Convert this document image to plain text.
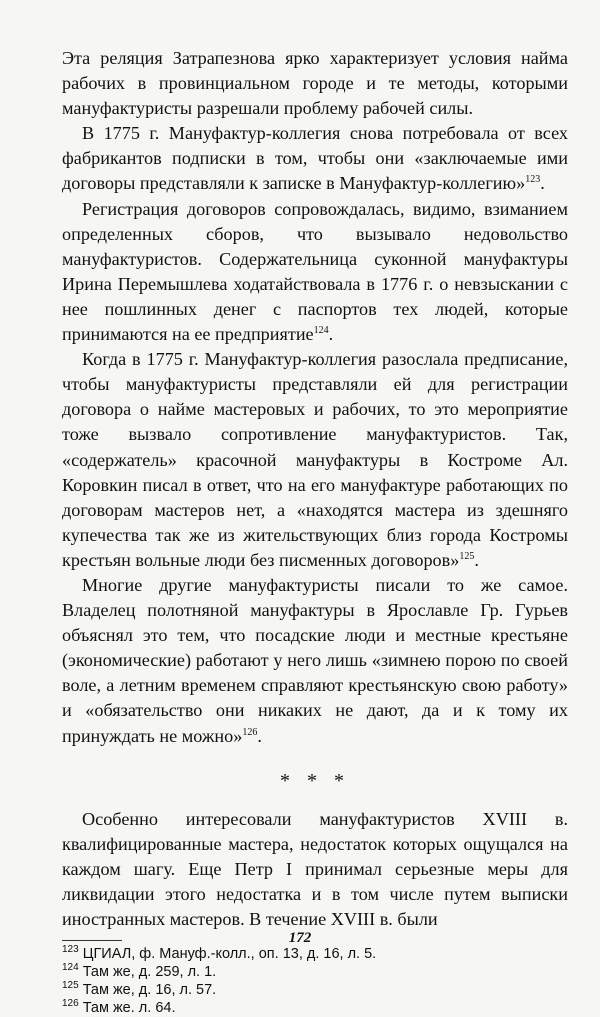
Эта реляция Затрапезнова ярко характеризует условия найма рабочих в провинциальном городе и те методы, которыми мануфактуристы разрешали проблему рабочей силы.

В 1775 г. Мануфактур-коллегия снова потребовала от всех фабрикантов подписки в том, чтобы они «заключаемые ими договоры представляли к записке в Мануфактур-коллегию»$^{123}$.

Регистрация договоров сопровождалась, видимо, взиманием определенных сборов, что вызывало недовольство мануфактуристов. Содержательница суконной мануфактуры Ирина Перемышлева ходатайствовала в 1776 г. о невзыскании с нее пошлинных денег с паспортов тех людей, которые принимаются на ее предприятие$^{124}$.

Когда в 1775 г. Мануфактур-коллегия разослала предписание, чтобы мануфактуристы представляли ей для регистрации договора о найме мастеровых и рабочих, то это мероприятие тоже вызвало сопротивление мануфактуристов. Так, «содержатель» красочной мануфактуры в Костроме Ал. Коровкин писал в ответ, что на его мануфактуре работающих по договорам мастеров нет, а «находятся мастера из здешняго купечества так же из жительствующих близ города Костромы крестьян вольные люди без писменных договоров»$^{125}$.

Многие другие мануфактуристы писали то же самое. Владелец полотняной мануфактуры в Ярославле Гр. Гурьев объяснял это тем, что посадские люди и местные крестьяне (экономические) работают у него лишь «зимнею порою по своей воле, а летним временем справляют крестьянскую свою работу» и «обязательство они никаких не дают, да и к тому их принуждать не можно»$^{126}$.

* * *

Особенно интересовали мануфактуристов XVIII в. квалифицированные мастера, недостаток которых ощущался на каждом шагу. Еще Петр I принимал серьезные меры для ликвидации этого недостатка и в том числе путем выписки иностранных мастеров. В течение XVIII в. были

$^{123}$ ЦГИАЛ, ф. Мануф.-колл., оп. 13, д. 16, л. 5.
$^{124}$ Там же, д. 259, л. 1.
$^{125}$ Там же, д. 16, л. 57.
$^{126}$ Там же. л. 64.
172
